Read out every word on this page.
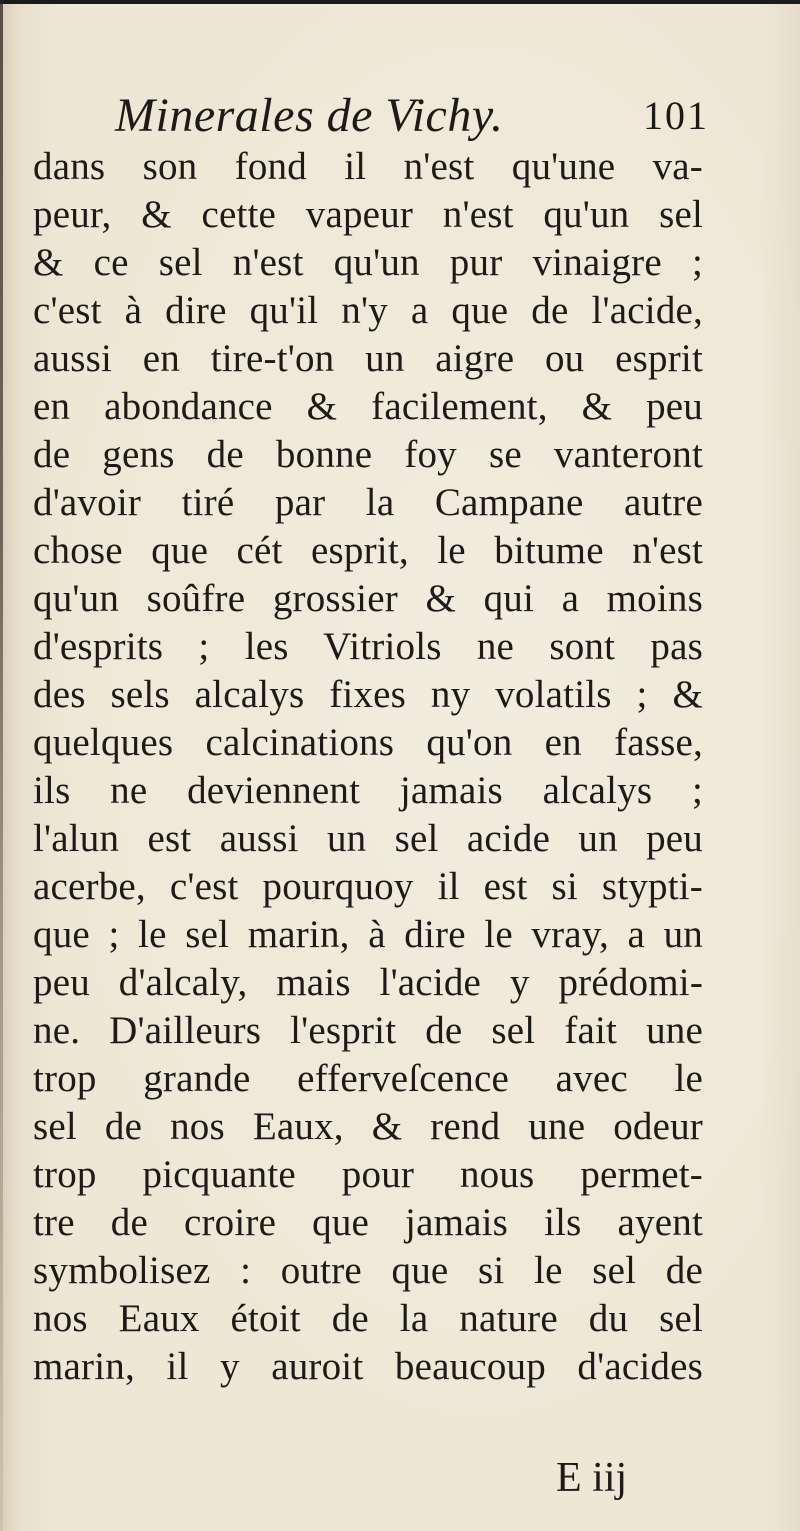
Minerales de Vichy.	101
dans son fond il n'est qu'une va-
peur, & cette vapeur n'est qu'un sel
& ce sel n'est qu'un pur vinaigre ;
c'est à dire qu'il n'y a que de l'acide,
aussi en tire-t'on un aigre ou esprit
en abondance & facilement, & peu
de gens de bonne foy se vanteront
d'avoir tiré par la Campane autre
chose que cét esprit, le bitume n'est
qu'un soûfre grossier & qui a moins
d'esprits ; les Vitriols ne sont pas
des sels alcalys fixes ny volatils ; &
quelques calcinations qu'on en fasse,
ils ne deviennent jamais alcalys ;
l'alun est aussi un sel acide un peu
acerbe, c'est pourquoy il est si stypti-
que ; le sel marin, à dire le vray, a un
peu d'alcaly, mais l'acide y prédomi-
ne. D'ailleurs l'esprit de sel fait une
trop grande efferveſcence avec le
sel de nos Eaux, & rend une odeur
trop picquante pour nous permet-
tre de croire que jamais ils ayent
symbolisez : outre que si le sel de
nos Eaux étoit de la nature du sel
marin, il y auroit beaucoup d'acides
E iij
